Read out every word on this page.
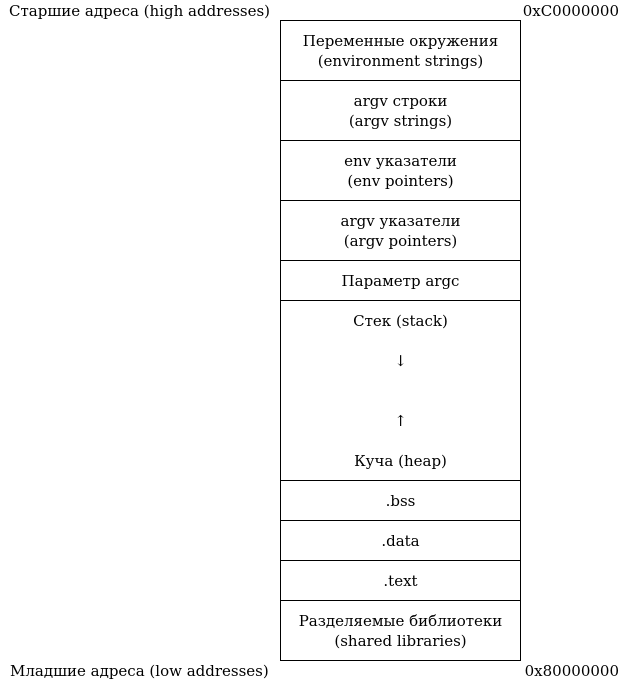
Старшие адреса (high addresses)	0xC0000000
Переменные окружения
(environment strings)
argv строки
(argv strings)
env указатели
(env pointers)
argv указатели
(argv pointers)
Параметр argc
Стек (stack)
↓
↑
Куча (heap)
.bss
.data
.text
Разделяемые библиотеки
(shared libraries)
Младшие адреса (low addresses)	0x80000000
